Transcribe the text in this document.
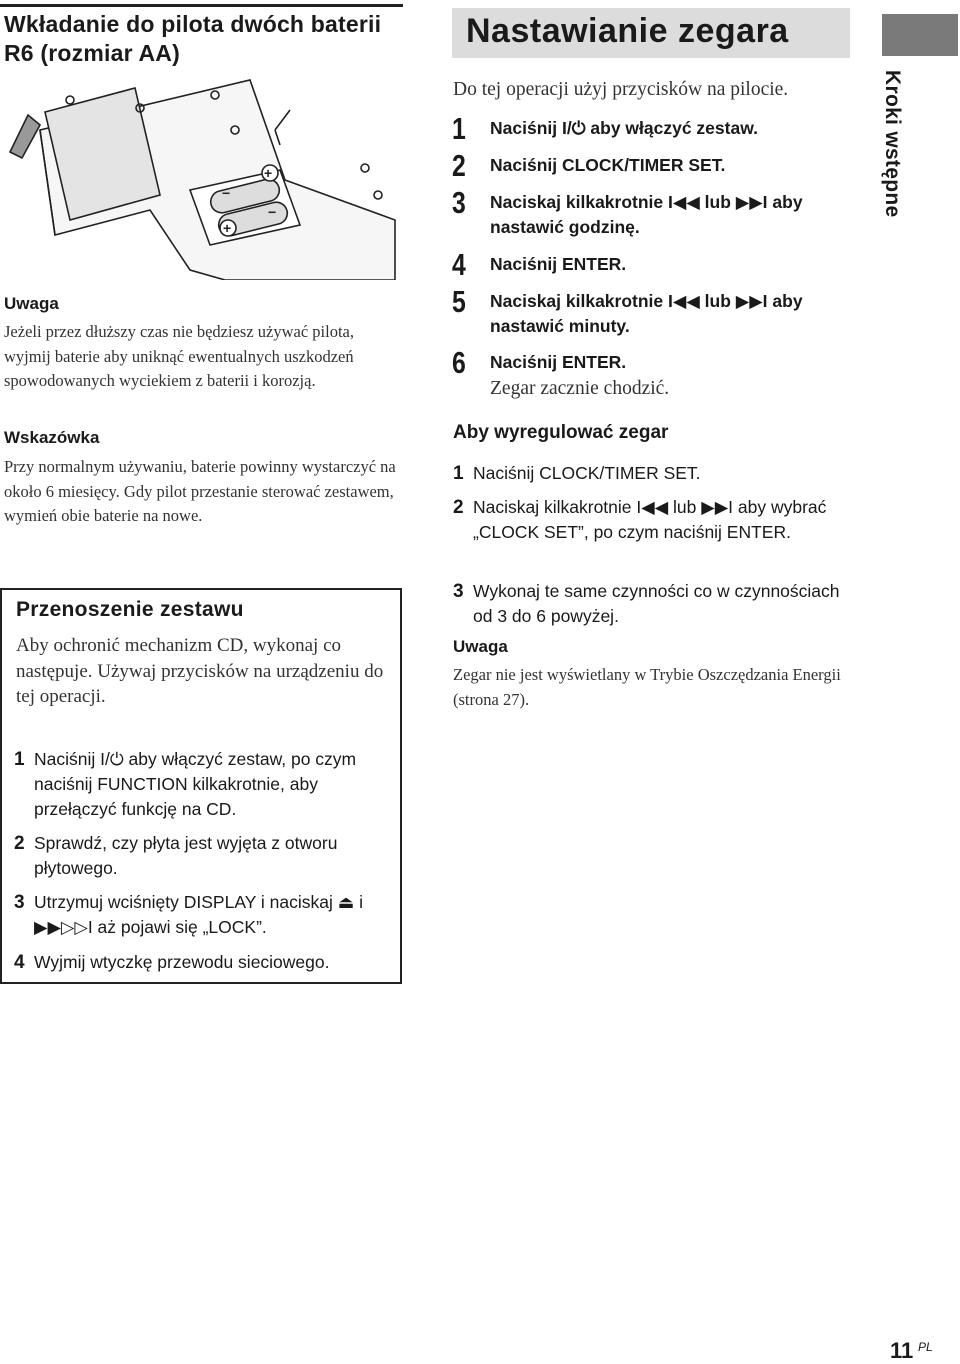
Wkładanie do pilota dwóch baterii R6 (rozmiar AA)
+
+
−
−
Uwaga
Jeżeli przez dłuższy czas nie będziesz używać pilota, wyjmij baterie aby uniknąć ewentualnych uszkodzeń spowodowanych wyciekiem z baterii i korozją.
Wskazówka
Przy normalnym używaniu, baterie powinny wystarczyć na około 6 miesięcy. Gdy pilot przestanie sterować zestawem, wymień obie baterie na nowe.
Przenoszenie zestawu
Aby ochronić mechanizm CD, wykonaj co następuje. Używaj przycisków na urządzeniu do tej operacji.
1 Naciśnij I/⏻ aby włączyć zestaw, po czym naciśnij FUNCTION kilkakrotnie, aby przełączyć funkcję na CD.
2 Sprawdź, czy płyta jest wyjęta z otworu płytowego.
3 Utrzymuj wciśnięty DISPLAY i naciskaj ⏏ i ▶▶▷▷I aż pojawi się „LOCK”.
4 Wyjmij wtyczkę przewodu sieciowego.
Nastawianie zegara
Do tej operacji użyj przycisków na pilocie.
1 Naciśnij I/⏻ aby włączyć zestaw.
2 Naciśnij CLOCK/TIMER SET.
3 Naciskaj kilkakrotnie I◀◀ lub ▶▶I aby nastawić godzinę.
4 Naciśnij ENTER.
5 Naciskaj kilkakrotnie I◀◀ lub ▶▶I aby nastawić minuty.
6 Naciśnij ENTER.
Zegar zacznie chodzić.
Aby wyregulować zegar
1 Naciśnij CLOCK/TIMER SET.
2 Naciskaj kilkakrotnie I◀◀ lub ▶▶I aby wybrać „CLOCK SET”, po czym naciśnij ENTER.
3 Wykonaj te same czynności co w czynnościach od 3 do 6 powyżej.
Uwaga
Zegar nie jest wyświetlany w Trybie Oszczędzania Energii (strona 27).
Kroki wstępne
11 PL
